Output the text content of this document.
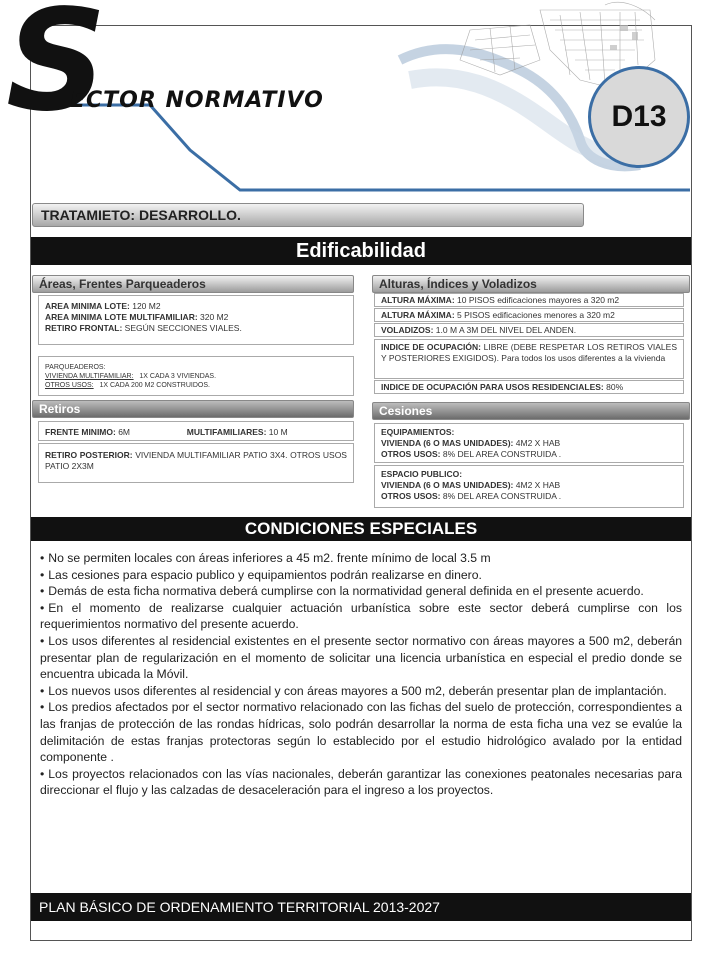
S
ECTOR NORMATIVO	D13
TRATAMIETO: DESARROLLO.
Edificabilidad
Áreas, Frentes Parqueaderos
AREA MINIMA LOTE: 120 M2
AREA MINIMA LOTE MULTIFAMILIAR: 320 M2
RETIRO FRONTAL: SEGÚN SECCIONES VIALES.
PARQUEADEROS:
VIVIENDA MULTIFAMILIAR: 1X CADA 3 VIVIENDAS.
OTROS USOS: 1X CADA 200 M2 CONSTRUIDOS.
Alturas, Índices y Voladizos
ALTURA MÁXIMA: 10 PISOS edificaciones mayores a 320 m2
ALTURA MÁXIMA: 5 PISOS edificaciones menores a 320 m2
VOLADIZOS: 1.0 M A 3M DEL NIVEL DEL ANDEN.
INDICE DE OCUPACIÓN: LIBRE (DEBE RESPETAR LOS RETIROS VIALES Y POSTERIORES EXIGIDOS). Para todos los usos diferentes a la vivienda
INDICE DE OCUPACIÓN PARA USOS RESIDENCIALES: 80%
Retiros
FRENTE MINIMO: 6M	MULTIFAMILIARES: 10 M
RETIRO POSTERIOR: VIVIENDA MULTIFAMILIAR PATIO 3X4. OTROS USOS PATIO 2X3M
Cesiones
EQUIPAMIENTOS:
VIVIENDA (6 O MAS UNIDADES): 4M2 X HAB
OTROS USOS: 8% DEL AREA CONSTRUIDA .
ESPACIO PUBLICO:
VIVIENDA (6 O MAS UNIDADES): 4M2 X HAB
OTROS USOS: 8% DEL AREA CONSTRUIDA .
CONDICIONES ESPECIALES
• No se permiten locales con áreas inferiores a 45 m2. frente mínimo de local 3.5 m
• Las cesiones para espacio publico y equipamientos podrán realizarse en dinero.
• Demás de esta ficha normativa deberá cumplirse con la normatividad general definida en el presente acuerdo.
• En el momento de realizarse cualquier actuación urbanística sobre este sector deberá cumplirse con los requerimientos normativo del presente acuerdo.
• Los usos diferentes al residencial existentes en el presente sector normativo con áreas mayores a 500 m2, deberán presentar plan de regularización en el momento de solicitar una licencia urbanística en especial el predio donde se encuentra ubicada la Móvil.
• Los nuevos usos diferentes al residencial y con áreas mayores a 500 m2, deberán presentar plan de implantación.
• Los predios afectados por el sector normativo relacionado con las fichas del suelo de protección, correspondientes a las franjas de protección de las rondas hídricas, solo podrán desarrollar la norma de esta ficha una vez se evalúe la delimitación de estas franjas protectoras según lo establecido por el estudio hidrológico avalado por la entidad componente .
• Los proyectos relacionados con las vías nacionales, deberán garantizar las conexiones peatonales necesarias para direccionar el flujo y las calzadas de desaceleración para el ingreso a los proyectos.
PLAN BÁSICO DE ORDENAMIENTO TERRITORIAL 2013-2027
